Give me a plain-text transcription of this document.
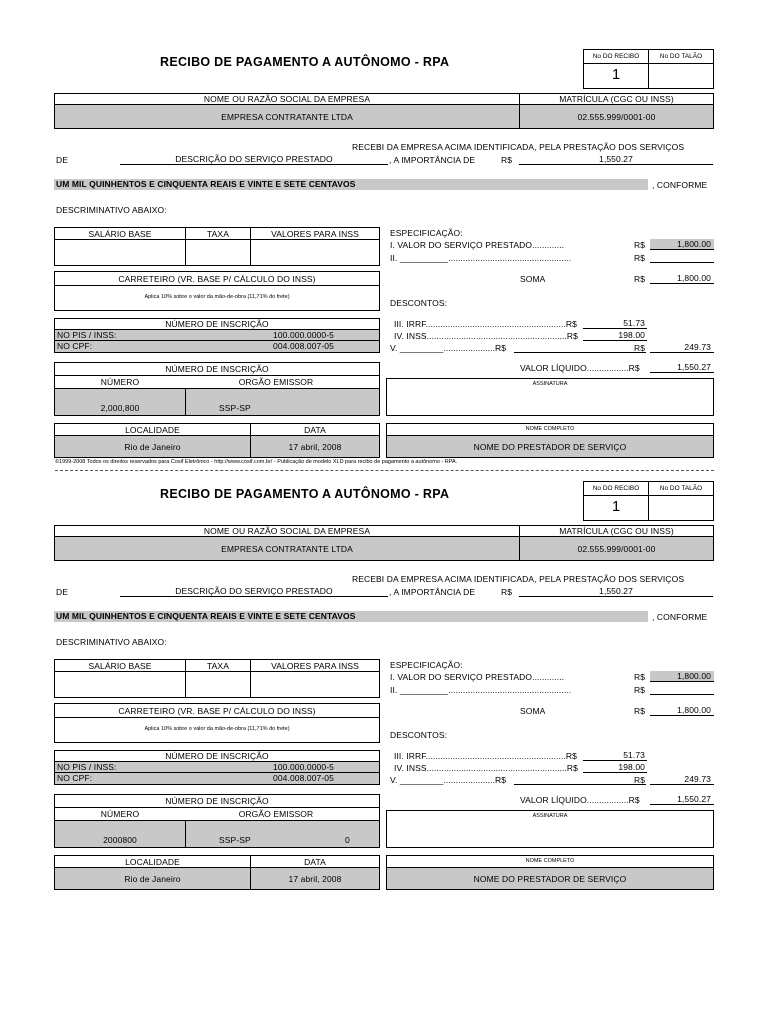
RECIBO DE PAGAMENTO A AUTÔNOMO - RPA	No DO RECIBO	No DO TALÃO
1
NOME OU RAZÃO SOCIAL DA EMPRESA	MATRÍCULA (CGC OU INSS)
EMPRESA CONTRATANTE LTDA	02.555.999/0001-00
RECEBI DA EMPRESA ACIMA IDENTIFICADA, PELA PRESTAÇÃO DOS SERVIÇOS
DE	DESCRIÇÃO DO SERVIÇO PRESTADO	, A IMPORTÂNCIA DE	R$	1,550.27
UM MIL QUINHENTOS E CINQUENTA REAIS E VINTE E SETE CENTAVOS	, CONFORME
DESCRIMINATIVO ABAIXO:
SALÁRIO BASE	TAXA	VALORES PARA INSS	ESPECIFICAÇÃO:
I. VALOR DO SERVIÇO PRESTADO.............	R$	1,800.00
II. __________..................................................	R$
CARRETEIRO (VR. BASE P/ CÁLCULO DO INSS)
Aplica 10% sobre o valor da mão-de-obra (11,71% do frete)
SOMA	R$	1,800.00
DESCONTOS:
NÚMERO DE INSCRIÇÃO
NO PIS / INSS:	100.000.0000-5
NO CPF:	004.008.007-05
III. IRRF.........................................................R$	51.73
IV. INSS.........................................................R$	198.00
V. _________.....................R$	R$	249.73
NÚMERO DE INSCRIÇÃO
NÚMERO	ORGÃO EMISSOR
2,000,800	SSP-SP
VALOR LÍQUIDO.................R$	1,550.27
ASSINATURA
LOCALIDADE	DATA
Rio de Janeiro	17 abril, 2008
NOME COMPLETO
NOME DO PRESTADOR DE SERVIÇO
RECIBO DE PAGAMENTO A AUTÔNOMO - RPA	No DO RECIBO	No DO TALÃO
1
NOME OU RAZÃO SOCIAL DA EMPRESA	MATRÍCULA (CGC OU INSS)
EMPRESA CONTRATANTE LTDA	02.555.999/0001-00
RECEBI DA EMPRESA ACIMA IDENTIFICADA, PELA PRESTAÇÃO DOS SERVIÇOS
DE	DESCRIÇÃO DO SERVIÇO PRESTADO	, A IMPORTÂNCIA DE	R$	1,550.27
UM MIL QUINHENTOS E CINQUENTA REAIS E VINTE E SETE CENTAVOS	, CONFORME
DESCRIMINATIVO ABAIXO:
SALÁRIO BASE	TAXA	VALORES PARA INSS	ESPECIFICAÇÃO:
I. VALOR DO SERVIÇO PRESTADO.............	R$	1,800.00
II. __________..................................................	R$
CARRETEIRO (VR. BASE P/ CÁLCULO DO INSS)
Aplica 10% sobre o valor da mão-de-obra (11,71% do frete)
SOMA	R$	1,800.00
DESCONTOS:
NÚMERO DE INSCRIÇÃO
NO PIS / INSS:	100.000.0000-5
NO CPF:	004.008.007-05
III. IRRF.........................................................R$	51.73
IV. INSS.........................................................R$	198.00
V. _________.....................R$	R$	249.73
NÚMERO DE INSCRIÇÃO
NÚMERO	ORGÃO EMISSOR
2000800	SSP-SP	0
VALOR LÍQUIDO.................R$	1,550.27
ASSINATURA
LOCALIDADE	DATA
Rio de Janeiro	17 abril, 2008
NOME COMPLETO
NOME DO PRESTADOR DE SERVIÇO
©1999-2008 Todos os direitos reservados para Cosif Eletrônico - http://www.cosif.com.br/ - Publicação de modelo XLD para recibo de pagamento a autônomo - RPA.
